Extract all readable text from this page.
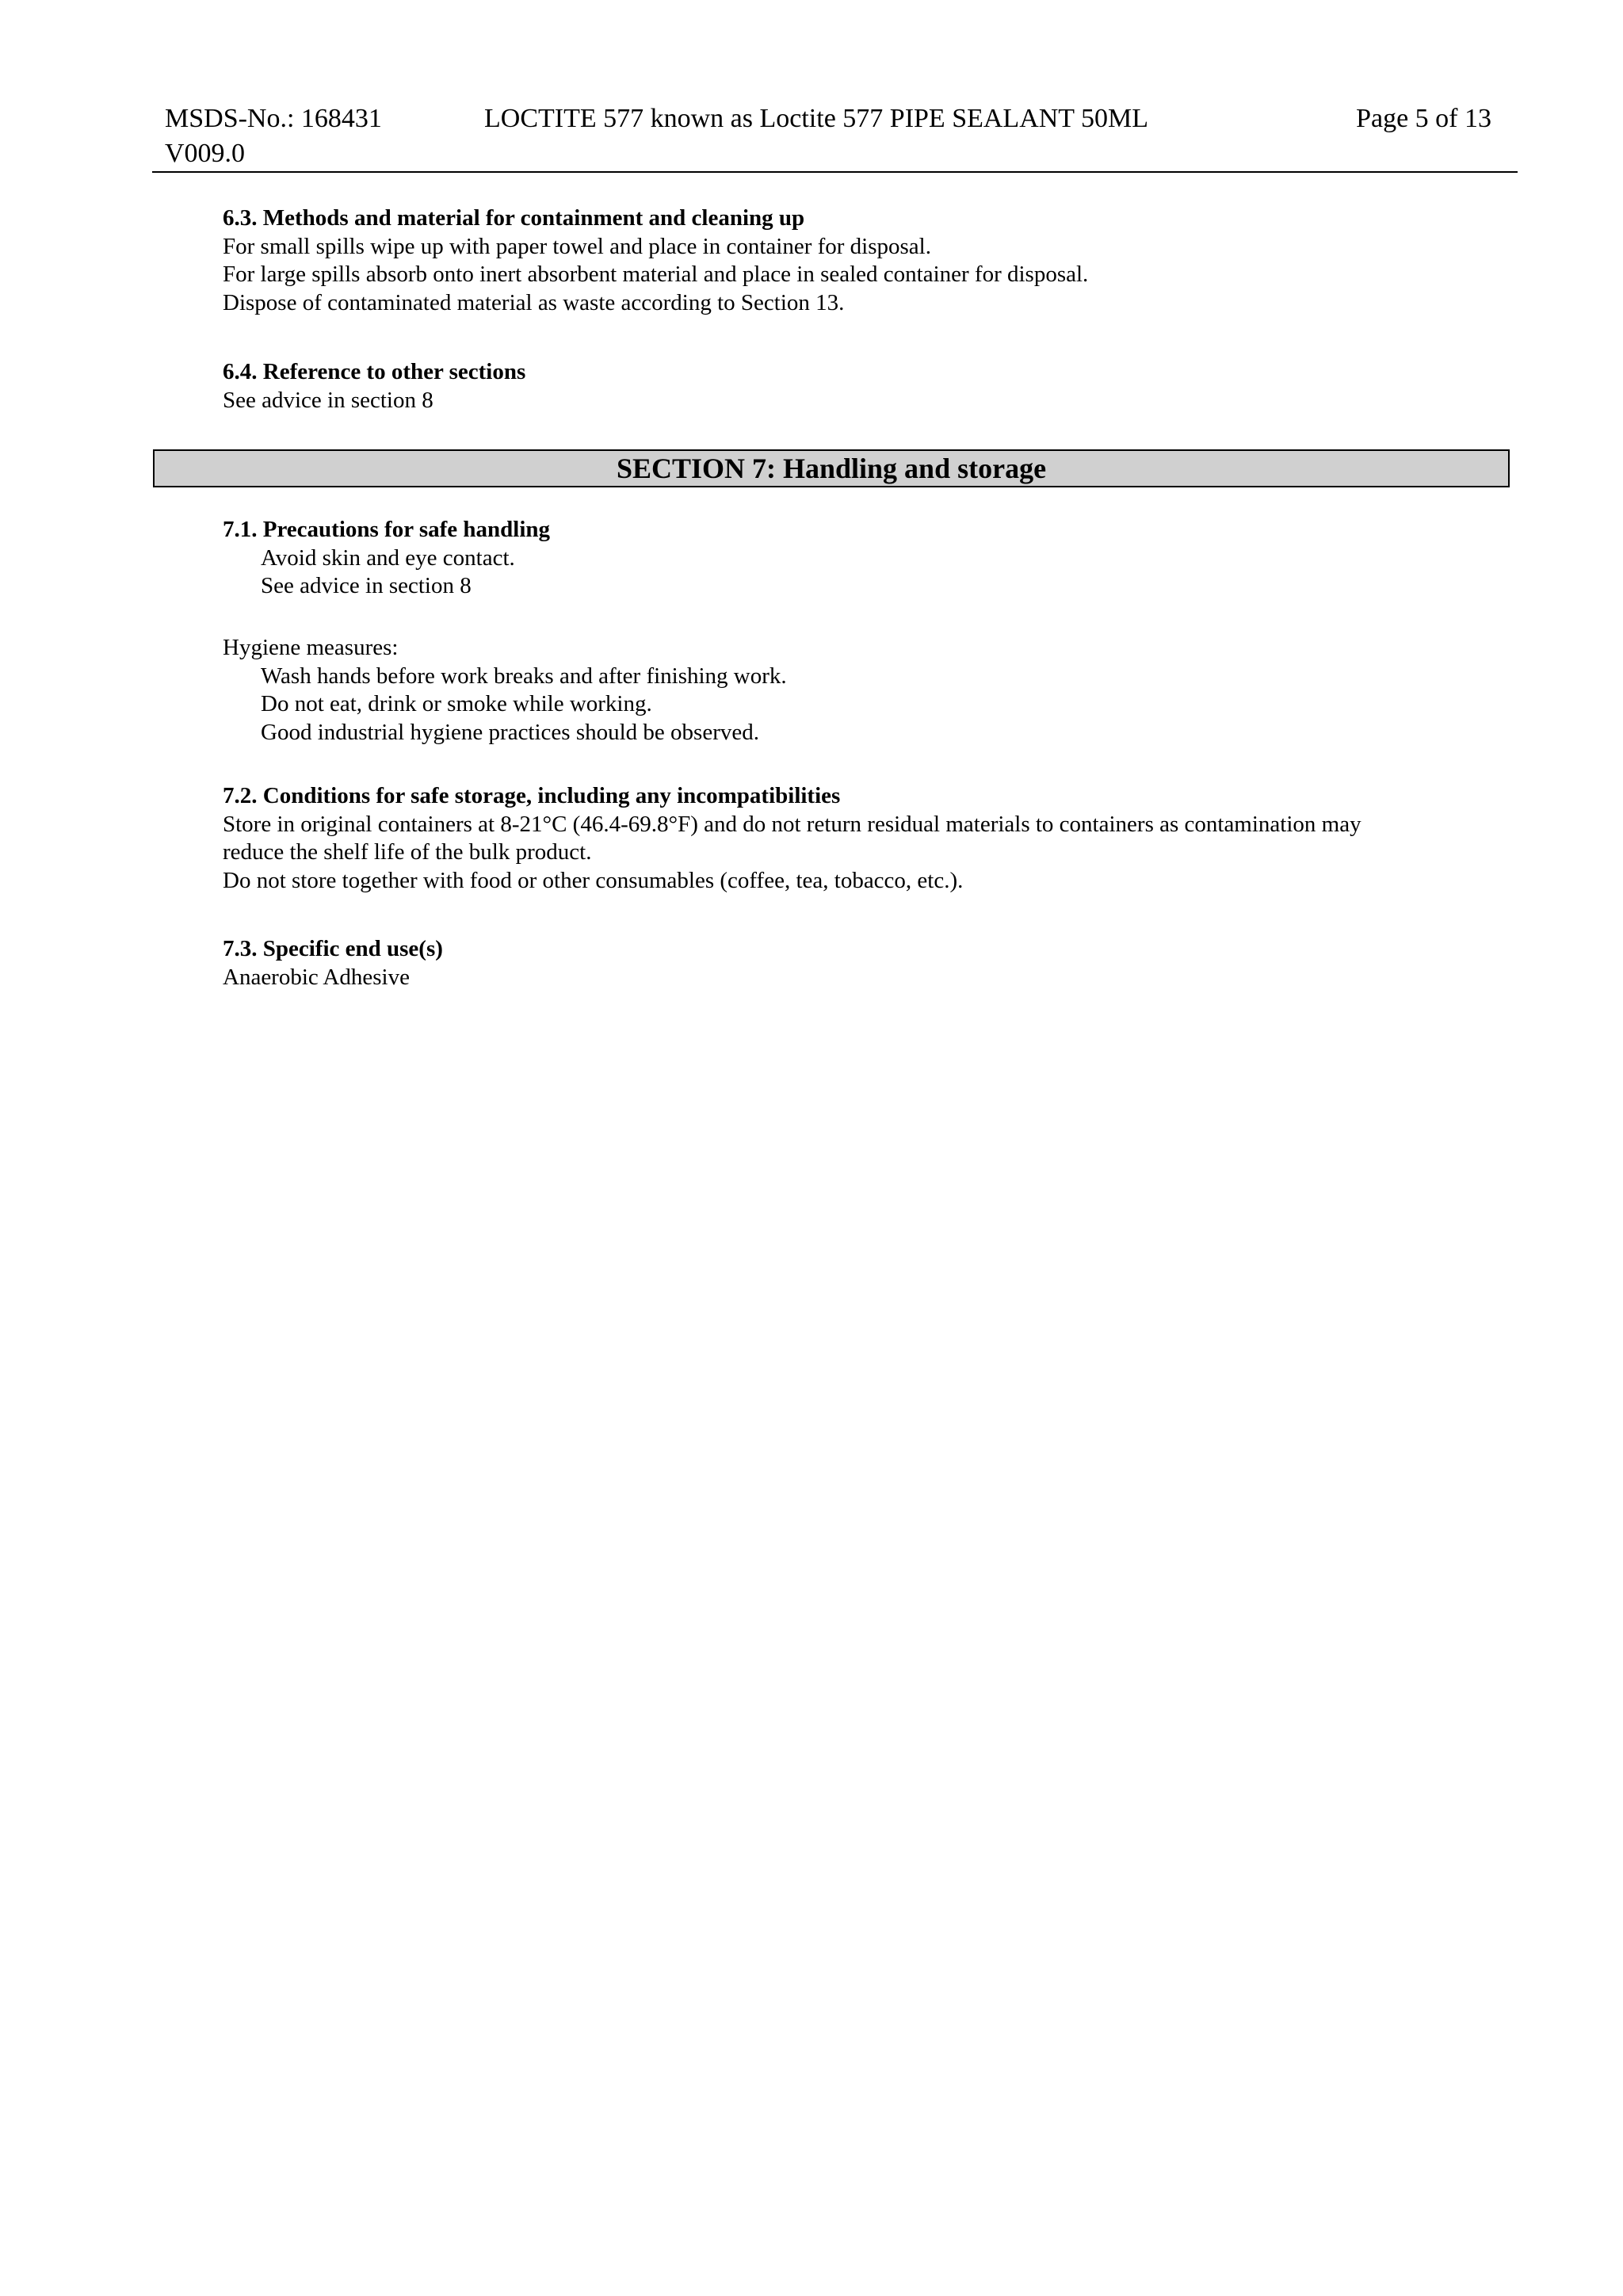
MSDS-No.: 168431
V009.0
LOCTITE 577 known as Loctite 577 PIPE SEALANT 50ML	Page 5 of 13
6.3. Methods and material for containment and cleaning up
For small spills wipe up with paper towel and place in container for disposal.
For large spills absorb onto inert absorbent material and place in sealed container for disposal.
Dispose of contaminated material as waste according to Section 13.
6.4. Reference to other sections
See advice in section 8
SECTION 7: Handling and storage
7.1. Precautions for safe handling
Avoid skin and eye contact.
See advice in section 8
Hygiene measures:
Wash hands before work breaks and after finishing work.
Do not eat, drink or smoke while working.
Good industrial hygiene practices should be observed.
7.2. Conditions for safe storage, including any incompatibilities
Store in original containers at 8-21°C (46.4-69.8°F) and do not return residual materials to containers as contamination may
reduce the shelf life of the bulk product.
Do not store together with food or other consumables (coffee, tea, tobacco, etc.).
7.3. Specific end use(s)
Anaerobic Adhesive
